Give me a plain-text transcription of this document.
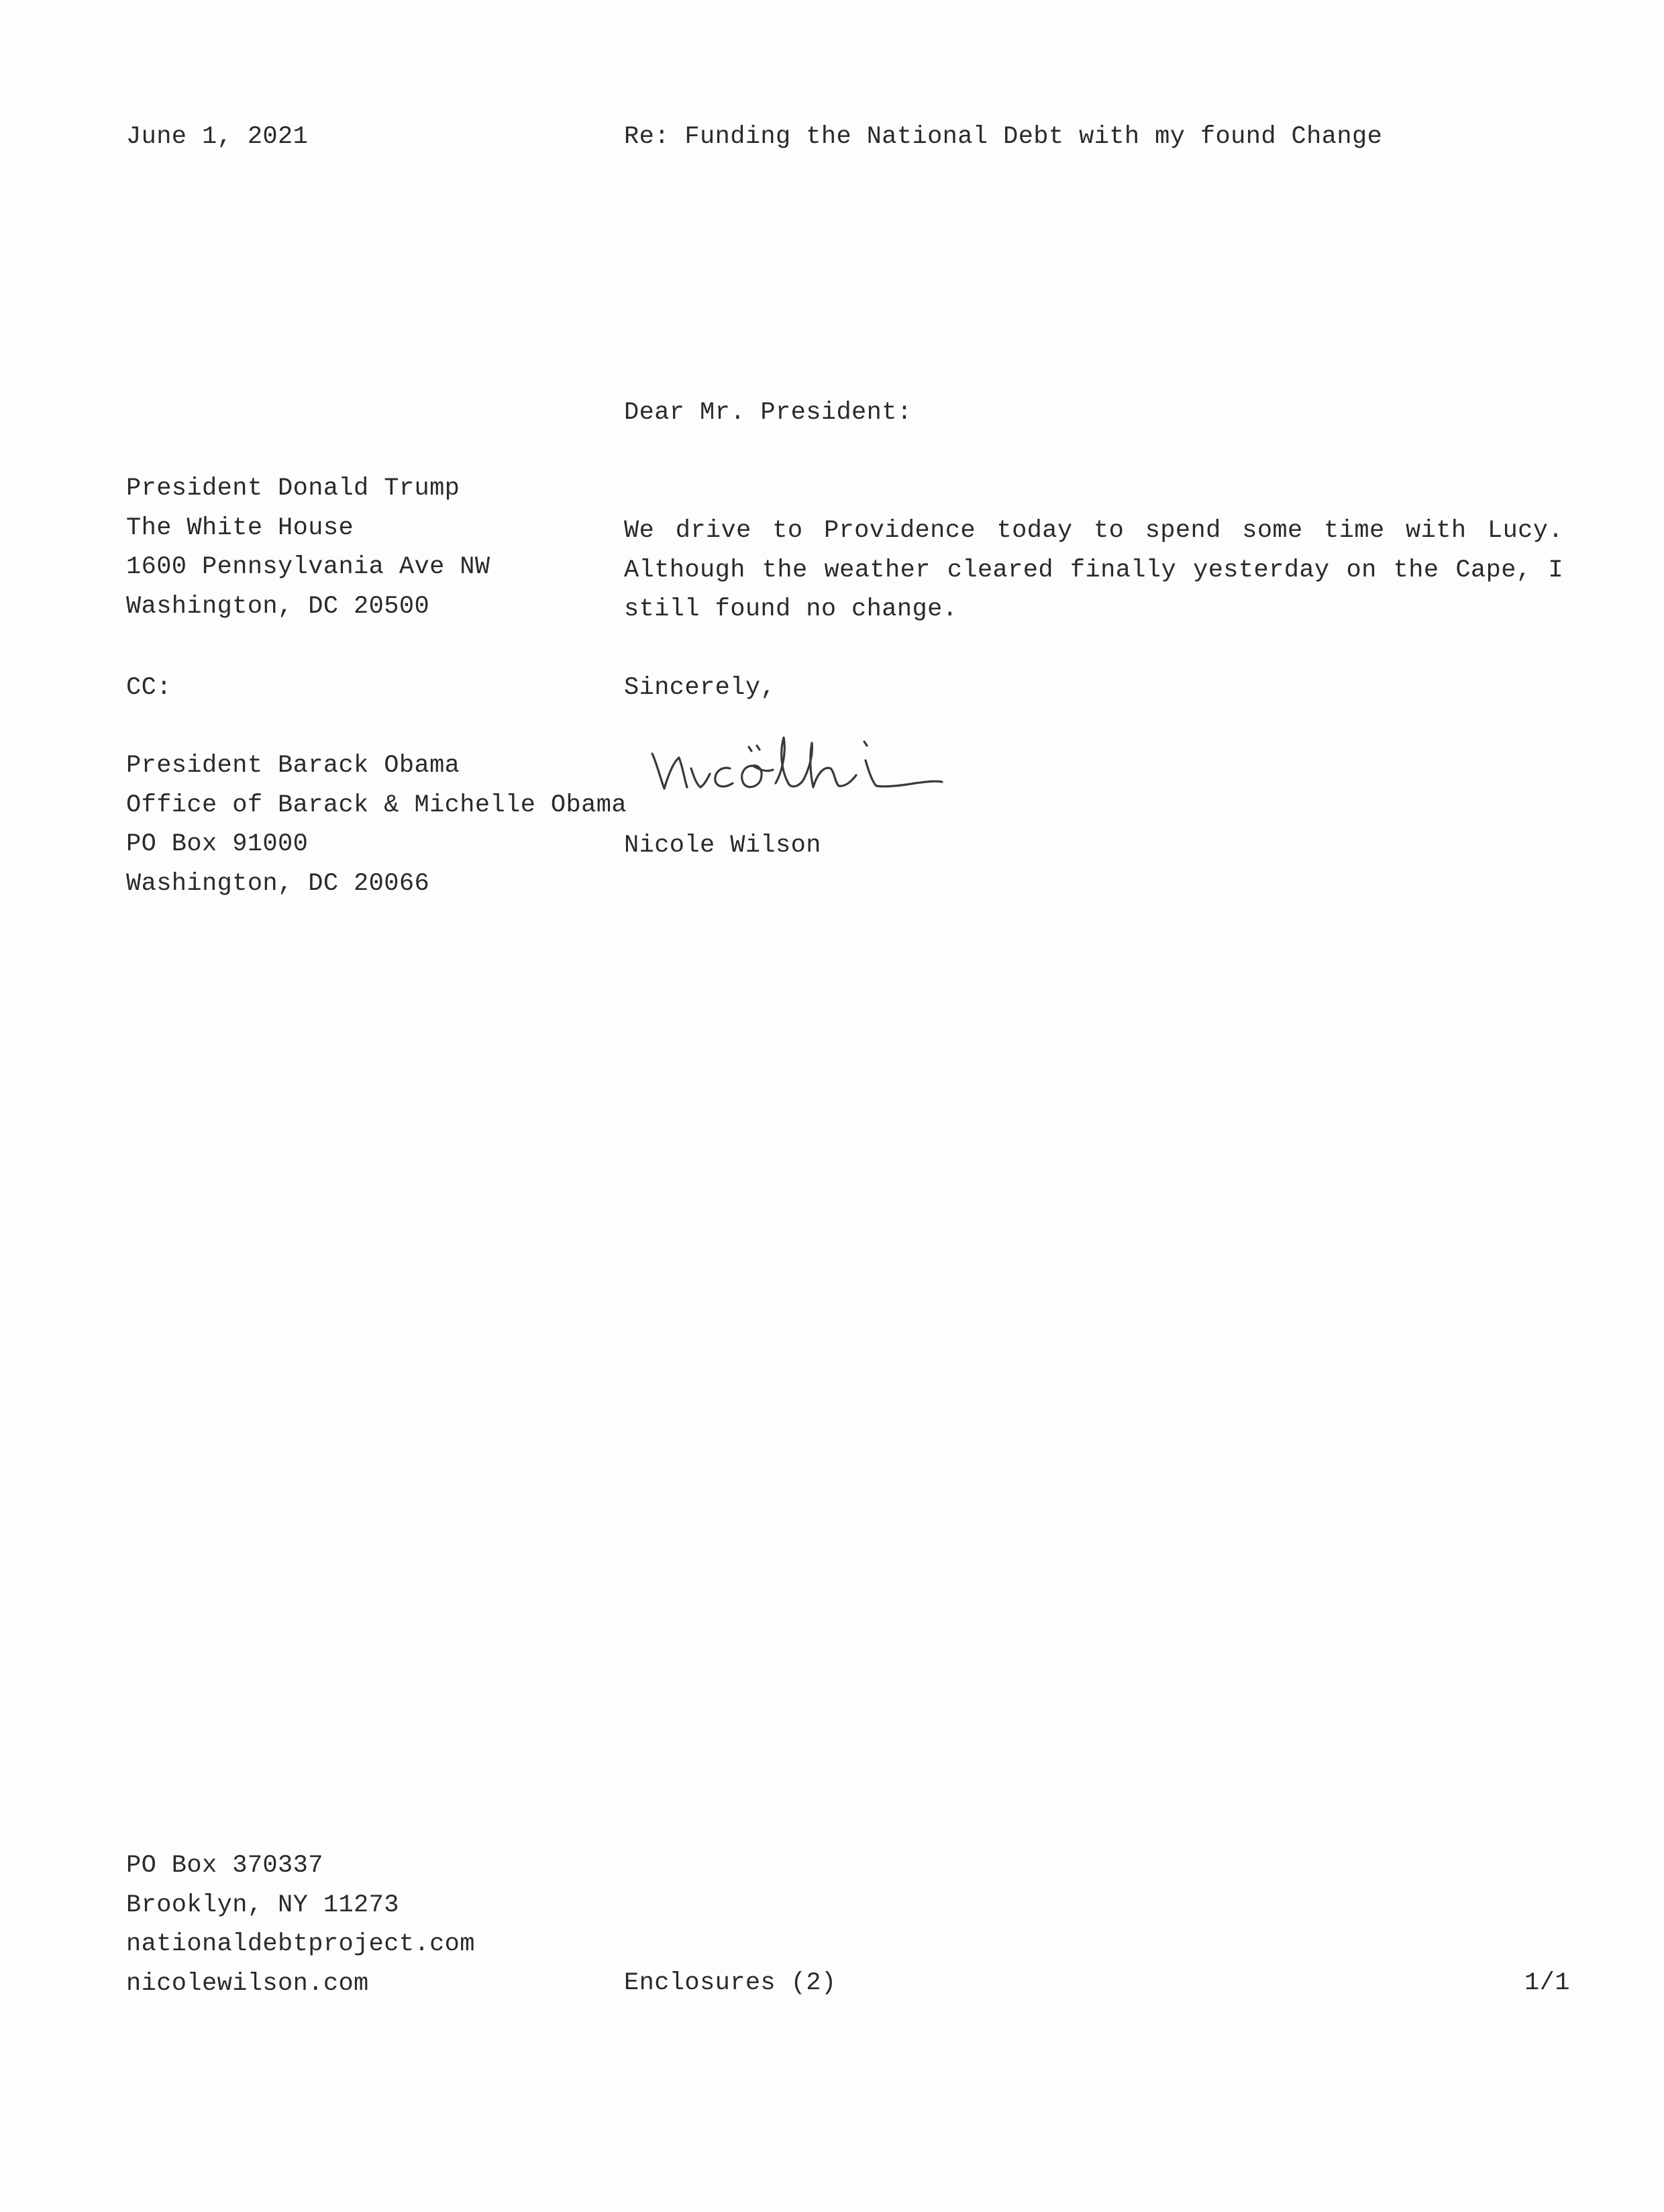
June 1, 2021	Re: Funding the National Debt with my found Change
Dear Mr. President:
President Donald Trump
The White House
1600 Pennsylvania Ave NW
Washington, DC 20500
We drive to Providence today to spend some time with Lucy. Although the weather cleared finally yesterday on the Cape, I still found no change.
CC:	Sincerely,
President Barack Obama
Office of Barack & Michelle Obama
PO Box 91000
Washington, DC 20066
Nicole Wilson
PO Box 370337
Brooklyn, NY 11273
nationaldebtproject.com
nicolewilson.com	Enclosures (2)	1/1
